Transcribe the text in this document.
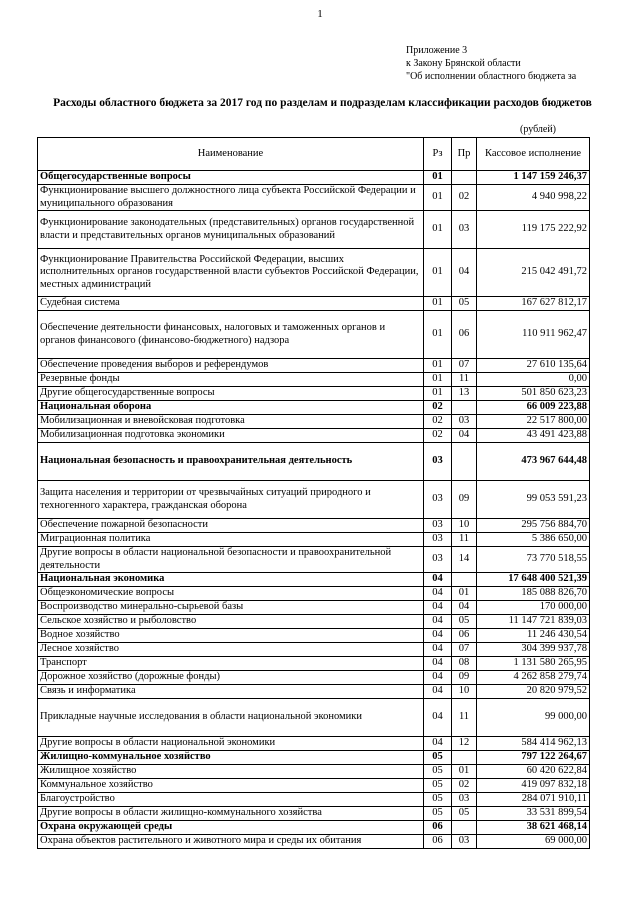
1
Приложение 3
к Закону Брянской области
"Об исполнении областного бюджета за
Расходы областного бюджета за 2017 год по разделам и подразделам классификации расходов бюджетов
(рублей)
Наименование	Рз	Пр	Кассовое исполнение
Общегосударственные вопросы	01		1 147 159 246,37
Функционирование высшего должностного лица субъекта Российской Федерации и муниципального образования	01	02	4 940 998,22
Функционирование законодательных (представительных) органов государственной власти и представительных органов муниципальных образований	01	03	119 175 222,92
Функционирование Правительства Российской Федерации, высших исполнительных органов государственной власти субъектов Российской Федерации, местных администраций	01	04	215 042 491,72
Судебная система	01	05	167 627 812,17
Обеспечение деятельности финансовых, налоговых и таможенных органов и органов финансового (финансово-бюджетного) надзора	01	06	110 911 962,47
Обеспечение проведения выборов и референдумов	01	07	27 610 135,64
Резервные фонды	01	11	0,00
Другие общегосударственные вопросы	01	13	501 850 623,23
Национальная оборона	02		66 009 223,88
Мобилизационная и вневойсковая подготовка	02	03	22 517 800,00
Мобилизационная подготовка экономики	02	04	43 491 423,88
Национальная безопасность и правоохранительная деятельность	03		473 967 644,48
Защита населения и территории от чрезвычайных ситуаций природного и техногенного характера, гражданская оборона	03	09	99 053 591,23
Обеспечение пожарной безопасности	03	10	295 756 884,70
Миграционная политика	03	11	5 386 650,00
Другие вопросы в области национальной безопасности и правоохранительной деятельности	03	14	73 770 518,55
Национальная экономика	04		17 648 400 521,39
Общеэкономические вопросы	04	01	185 088 826,70
Воспроизводство минерально-сырьевой базы	04	04	170 000,00
Сельское хозяйство и рыболовство	04	05	11 147 721 839,03
Водное хозяйство	04	06	11 246 430,54
Лесное хозяйство	04	07	304 399 937,78
Транспорт	04	08	1 131 580 265,95
Дорожное хозяйство (дорожные фонды)	04	09	4 262 858 279,74
Связь и информатика	04	10	20 820 979,52
Прикладные научные исследования в области национальной экономики	04	11	99 000,00
Другие вопросы в области национальной экономики	04	12	584 414 962,13
Жилищно-коммунальное хозяйство	05		797 122 264,67
Жилищное хозяйство	05	01	60 420 622,84
Коммунальное хозяйство	05	02	419 097 832,18
Благоустройство	05	03	284 071 910,11
Другие вопросы в области жилищно-коммунального хозяйства	05	05	33 531 899,54
Охрана окружающей среды	06		38 621 468,14
Охрана объектов растительного и животного мира и среды их обитания	06	03	69 000,00
